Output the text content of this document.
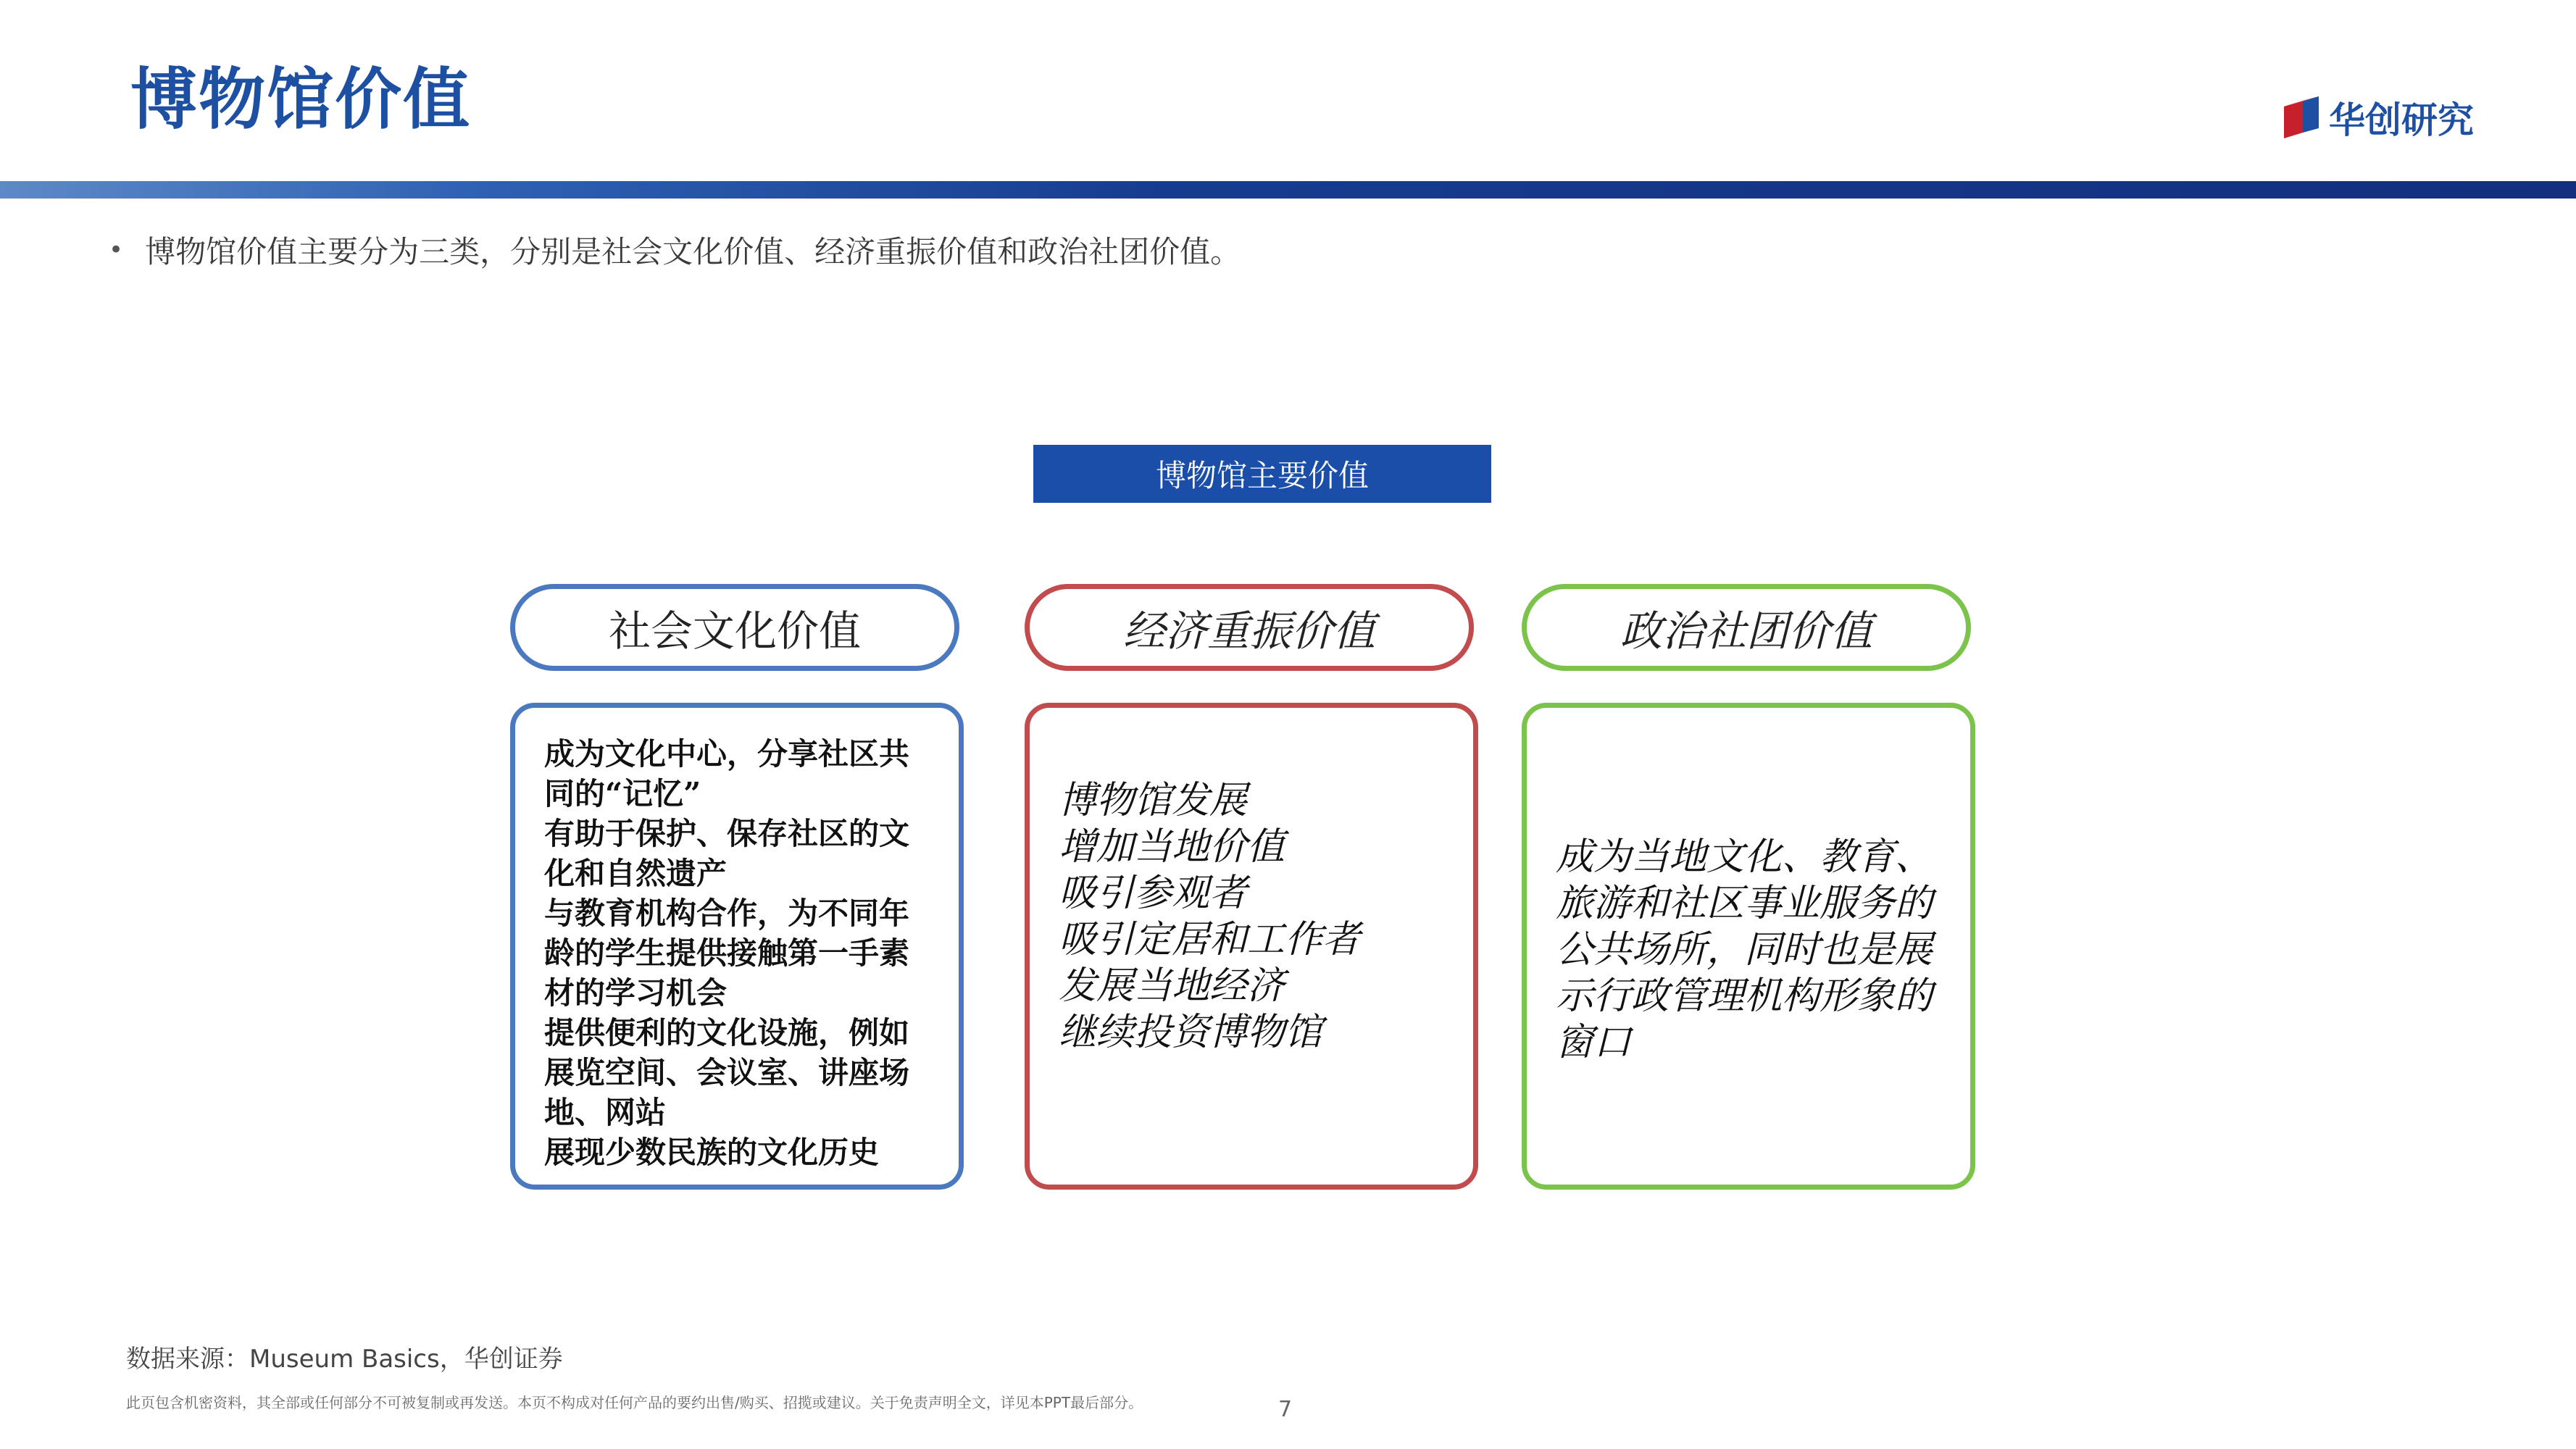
博物馆价值	华创研究
• 博物馆价值主要分为三类，分别是社会文化价值、经济重振价值和政治社团价值。
博物馆主要价值
社会文化价值	经济重振价值	政治社团价值
成为文化中心，分享社区共同的“记忆”
有助于保护、保存社区的文化和自然遗产
与教育机构合作，为不同年龄的学生提供接触第一手素材的学习机会
提供便利的文化设施，例如展览空间、会议室、讲座场地、网站
展现少数民族的文化历史
博物馆发展
增加当地价值
吸引参观者
吸引定居和工作者
发展当地经济
继续投资博物馆
成为当地文化、教育、旅游和社区事业服务的公共场所，同时也是展示行政管理机构形象的窗口
数据来源：Museum Basics，华创证券
此页包含机密资料，其全部或任何部分不可被复制或再发送。本页不构成对任何产品的要约出售/购买、招揽或建议。关于免责声明全文，详见本PPT最后部分。	7
